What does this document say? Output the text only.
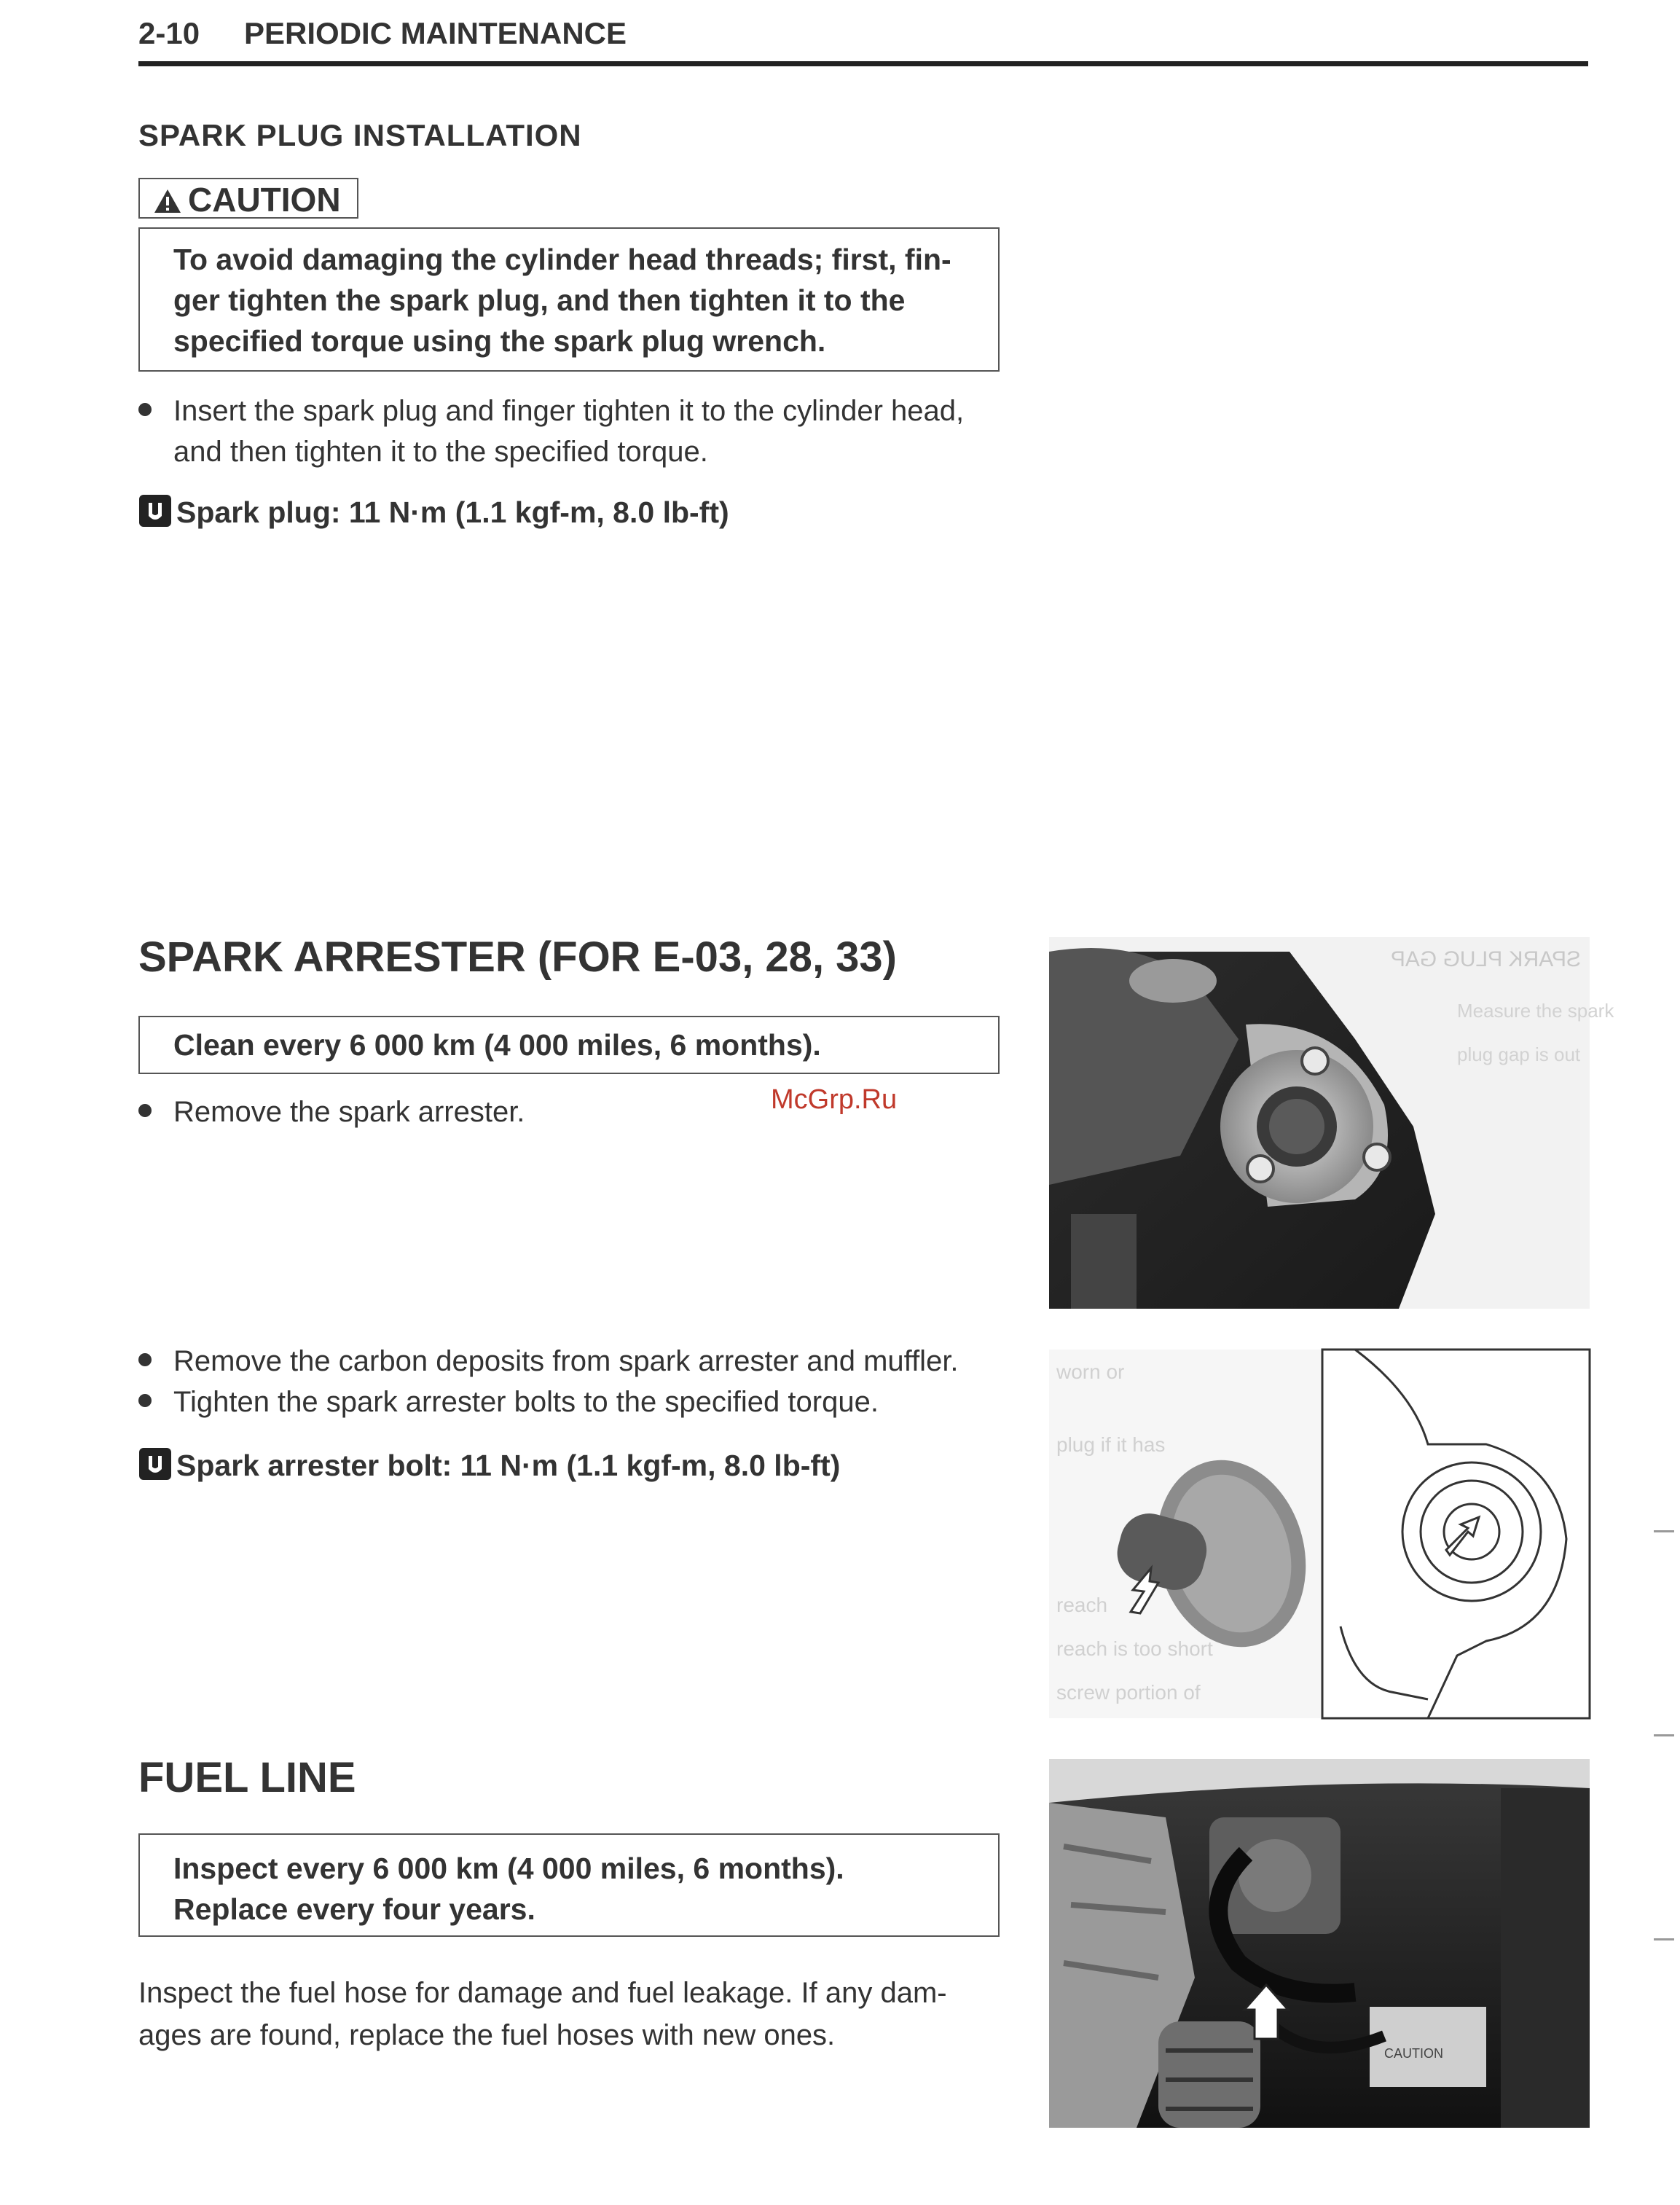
2-10 PERIODIC MAINTENANCE
SPARK PLUG INSTALLATION
CAUTION
To avoid damaging the cylinder head threads; first, fin-
ger tighten the spark plug, and then tighten it to the
specified torque using the spark plug wrench.
Insert the spark plug and finger tighten it to the cylinder head,
and then tighten it to the specified torque.
Spark plug: 11 N·m (1.1 kgf-m, 8.0 lb-ft)
SPARK ARRESTER (FOR E-03, 28, 33)
Clean every 6 000 km (4 000 miles, 6 months).
Remove the spark arrester.	McGrp.Ru
Remove the carbon deposits from spark arrester and muffler.
Tighten the spark arrester bolts to the specified torque.
Spark arrester bolt: 11 N·m (1.1 kgf-m, 8.0 lb-ft)
FUEL LINE
Inspect every 6 000 km (4 000 miles, 6 months).
Replace every four years.
Inspect the fuel hose for damage and fuel leakage. If any dam-
ages are found, replace the fuel hoses with new ones.
SPARK PLUG GAP
Measure the spark
plug gap is out
worn or
plug if it has
reach
reach is too short
screw portion of
CAUTION
